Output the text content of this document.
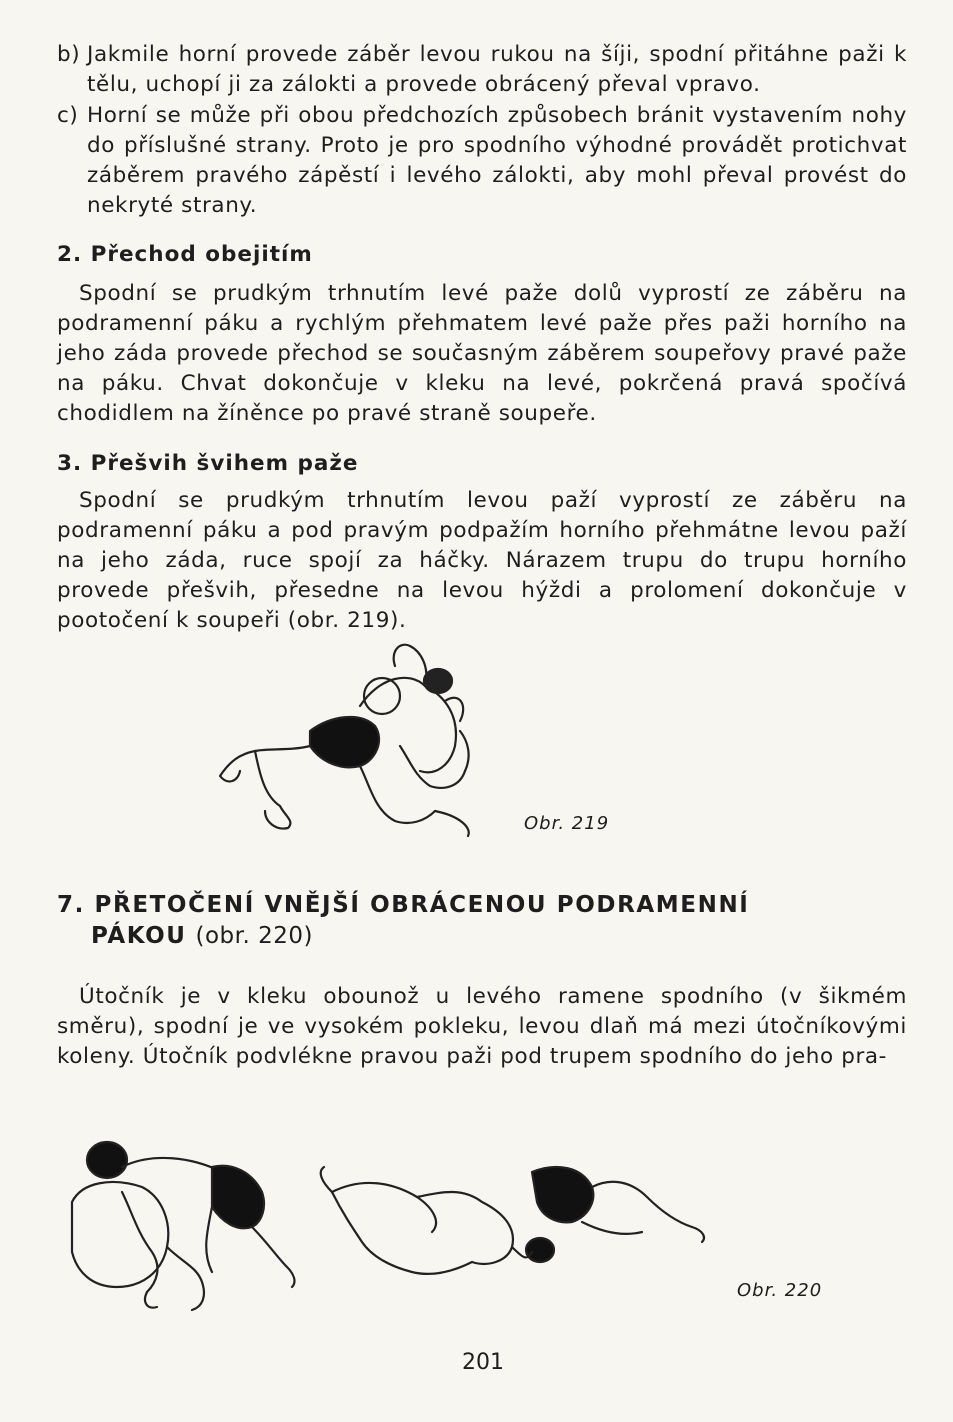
b) Jakmile horní provede záběr levou rukou na šíji, spodní přitáhne paži k tělu, uchopí ji za zálokti a provede obrácený převal vpravo.
c) Horní se může při obou předchozích způsobech bránit vystavením nohy do příslušné strany. Proto je pro spodního výhodné provádět protichvat záběrem pravého zápěstí i levého zálokti, aby mohl převal provést do nekryté strany.

2. Přechod obejitím

Spodní se prudkým trhnutím levé paže dolů vyprostí ze záběru na podramenní páku a rychlým přehmatem levé paže přes paži horního na jeho záda provede přechod se současným záběrem soupeřovy pravé paže na páku. Chvat dokončuje v kleku na levé, pokrčená pravá spočívá chodidlem na žíněnce po pravé straně soupeře.

3. Přešvih švihem paže

Spodní se prudkým trhnutím levou paží vyprostí ze záběru na podramenní páku a pod pravým podpažím horního přehmátne levou paží na jeho záda, ruce spojí za háčky. Nárazem trupu do trupu horního provede přešvih, přesedne na levou hýždi a prolomení dokončuje v pootočení k soupeři (obr. 219).

Obr. 219
7. PŘETOČENÍ VNĚJŠÍ OBRÁCENOU PODRAMENNÍ
PÁKOU (obr. 220)

Útočník je v kleku obounož u levého ramene spodního (v šikmém směru), spodní je ve vysokém pokleku, levou dlaň má mezi útočníkovými koleny. Útočník podvlékne pravou paži pod trupem spodního do jeho pra-

Obr. 220
201
